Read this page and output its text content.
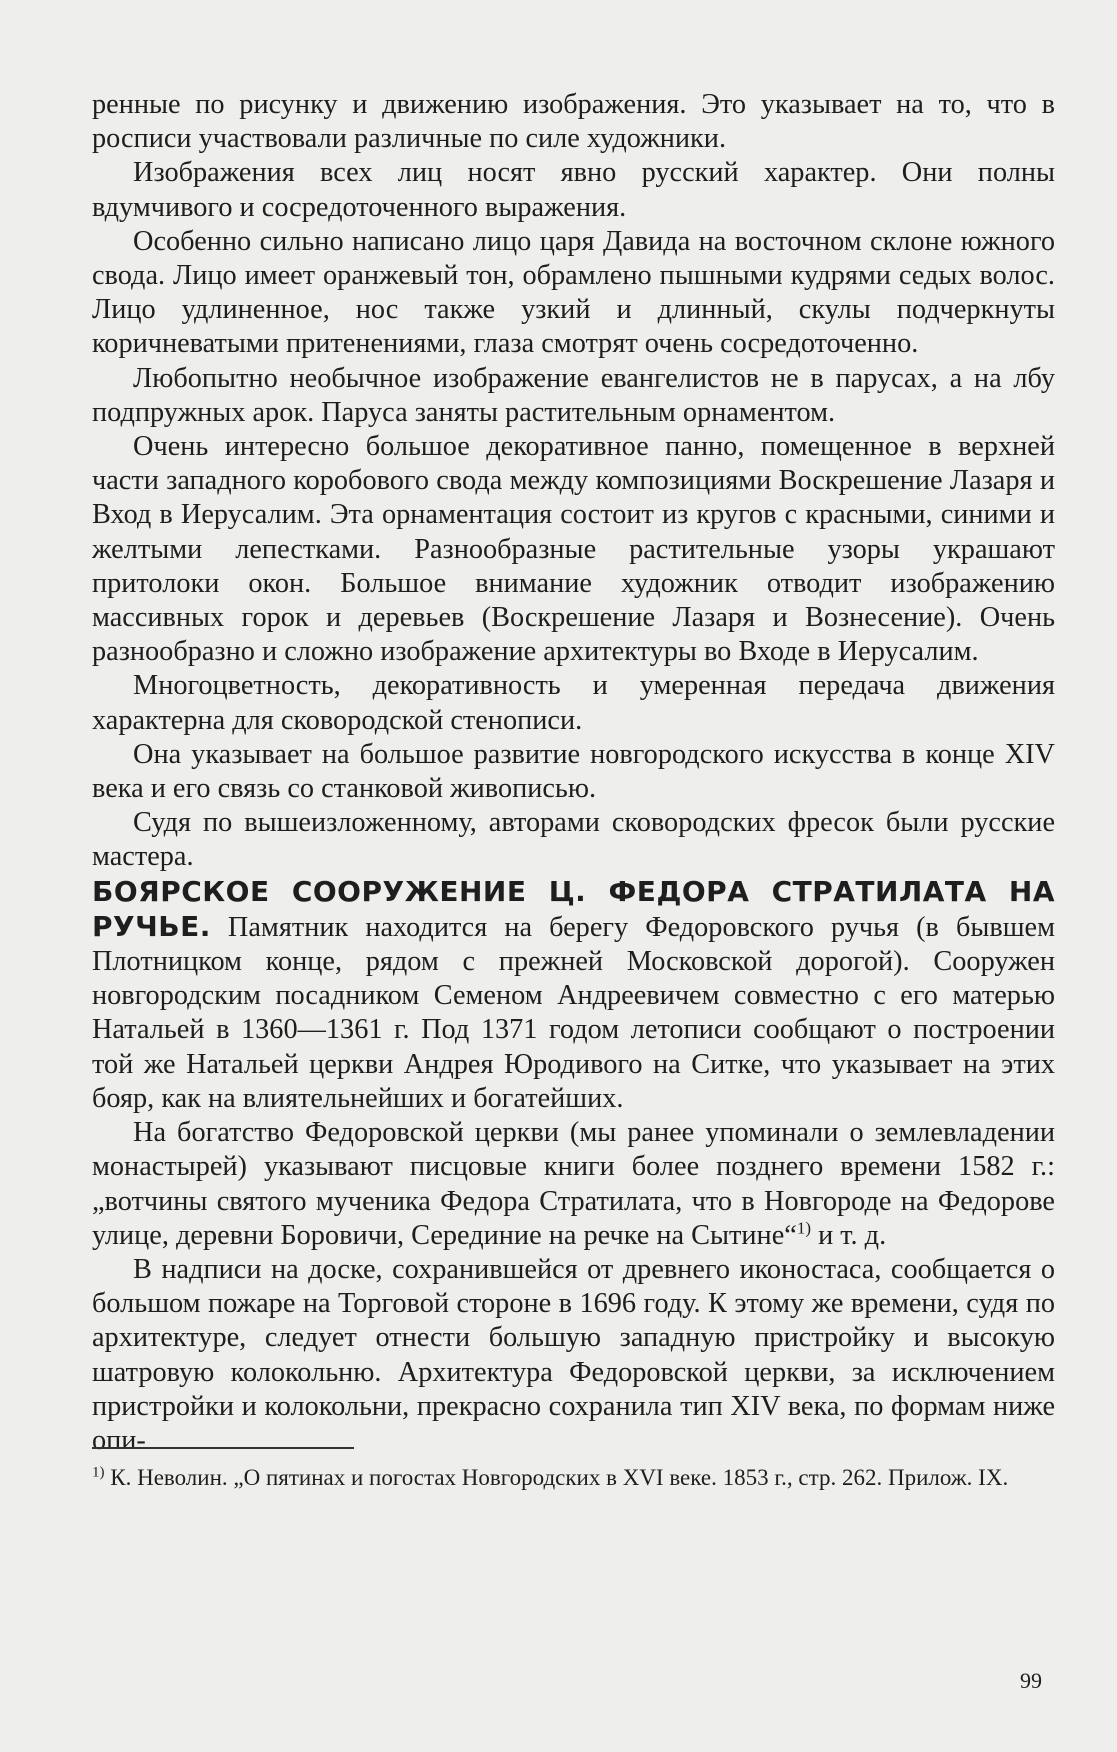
ренные по рисунку и движению изображения. Это указывает на то, что в росписи участвовали различные по силе художники.

Изображения всех лиц носят явно русский характер. Они полны вдумчивого и сосредоточенного выражения.

Особенно сильно написано лицо царя Давида на восточном склоне южного свода. Лицо имеет оранжевый тон, обрамлено пышными кудрями седых волос. Лицо удлиненное, нос также узкий и длинный, скулы подчеркнуты коричневатыми притенениями, глаза смотрят очень сосредоточенно.

Любопытно необычное изображение евангелистов не в парусах, а на лбу подпружных арок. Паруса заняты растительным орнаментом.

Очень интересно большое декоративное панно, помещенное в верхней части западного коробового свода между композициями Воскрешение Лазаря и Вход в Иерусалим. Эта орнаментация состоит из кругов с красными, синими и желтыми лепестками. Разнообразные растительные узоры украшают притолоки окон. Большое внимание художник отводит изображению массивных горок и деревьев (Воскрешение Лазаря и Вознесение). Очень разнообразно и сложно изображение архитектуры во Входе в Иерусалим.

Многоцветность, декоративность и умеренная передача движения характерна для сковородской стенописи.

Она указывает на большое развитие новгородского искусства в конце XIV века и его связь со станковой живописью.

Судя по вышеизложенному, авторами сковородских фресок были русские мастера.

БОЯРСКОЕ СООРУЖЕНИЕ Ц. ФЕДОРА СТРАТИЛАТА НА РУЧЬЕ. Памятник находится на берегу Федоровского ручья (в бывшем Плотницком конце, рядом с прежней Московской дорогой). Сооружен новгородским посадником Семеном Андреевичем совместно с его матерью Натальей в 1360—1361 г. Под 1371 годом летописи сообщают о построении той же Натальей церкви Андрея Юродивого на Ситке, что указывает на этих бояр, как на влиятельнейших и богатейших.

На богатство Федоровской церкви (мы ранее упоминали о землевладении монастырей) указывают писцовые книги более позднего времени 1582 г.: „вотчины святого мученика Федора Стратилата, что в Новгороде на Федорове улице, деревни Боровичи, Серединие на речке на Сытине“$^{1)}$ и т. д.

В надписи на доске, сохранившейся от древнего иконостаса, сообщается о большом пожаре на Торговой стороне в 1696 году. К этому же времени, судя по архитектуре, следует отнести большую западную пристройку и высокую шатровую колокольню. Архитектура Федоровской церкви, за исключением пристройки и колокольни, прекрасно сохранила тип XIV века, по формам ниже опи-

$^{1)}$ К. Неволин. „О пятинах и погостах Новгородских в XVI веке. 1853 г., стр. 262. Прилож. IX.
99
